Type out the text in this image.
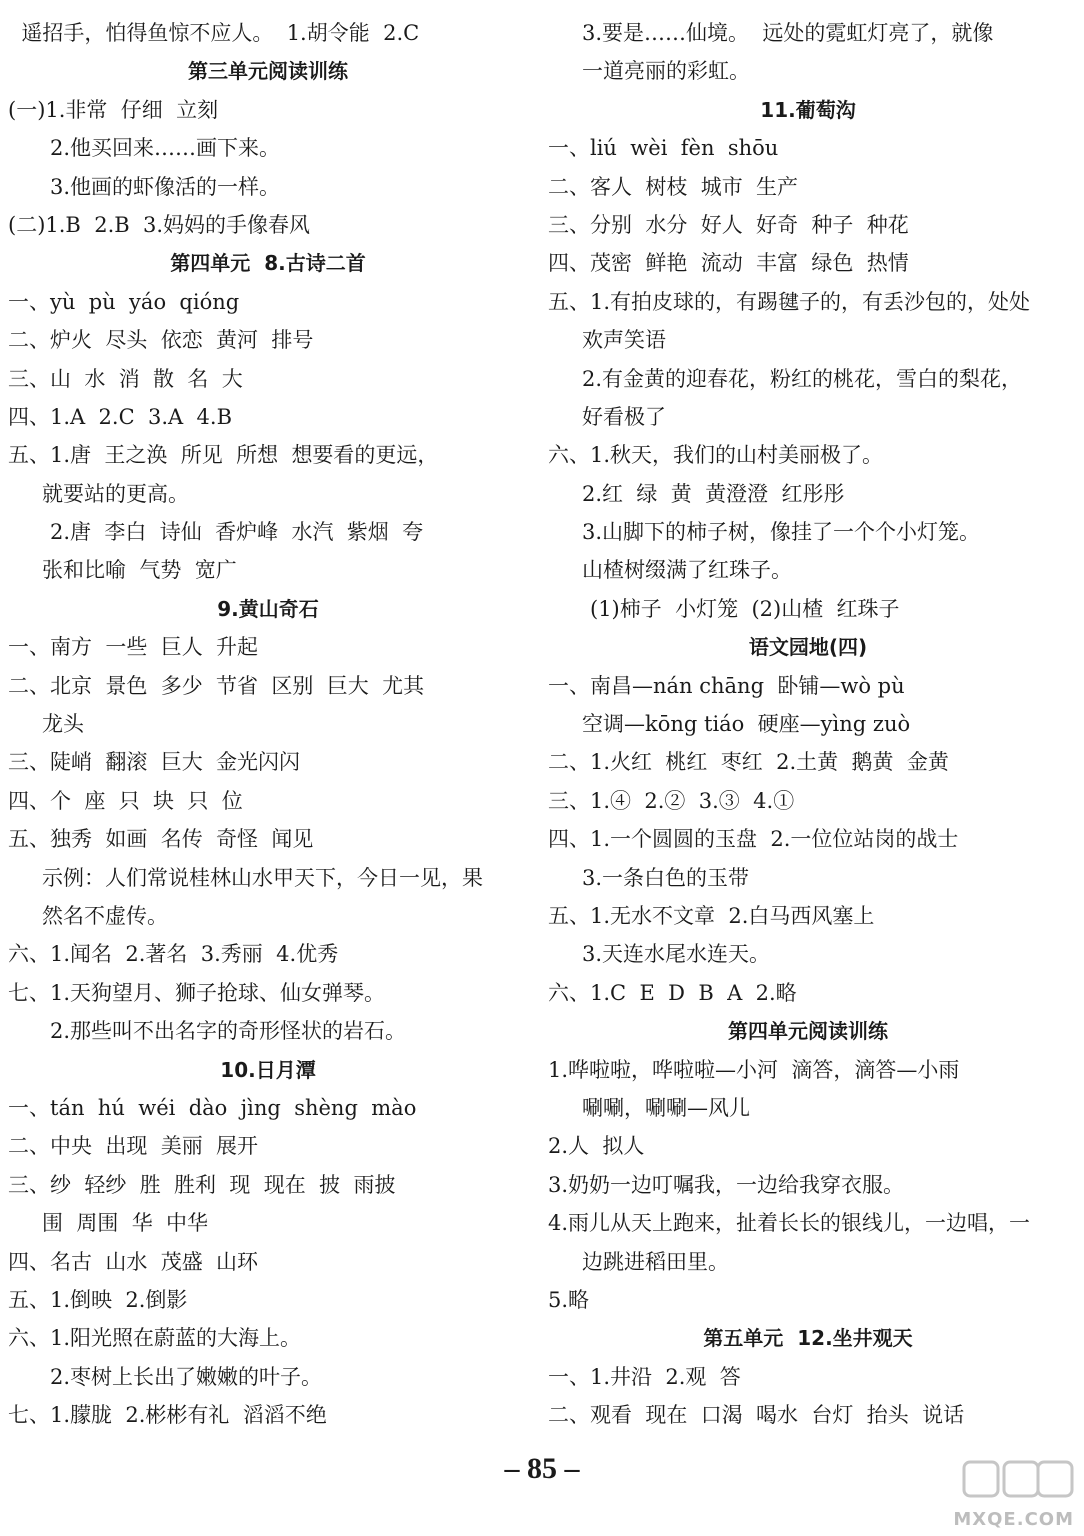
遥招手，怕得鱼惊不应人。  1.胡令能  2.C
第三单元阅读训练
(一)1.非常  仔细  立刻
2.他买回来……画下来。
3.他画的虾像活的一样。
(二)1.B  2.B  3.妈妈的手像春风
第四单元  8.古诗二首
一、yù  pù  yáo  qióng
二、炉火  尽头  依恋  黄河  排号
三、山  水  消  散  名  大
四、1.A  2.C  3.A  4.B
五、1.唐  王之涣  所见  所想  想要看的更远，
就要站的更高。
2.唐  李白  诗仙  香炉峰  水汽  紫烟  夸
张和比喻  气势  宽广
9.黄山奇石
一、南方  一些  巨人  升起
二、北京  景色  多少  节省  区别  巨大  尤其
龙头
三、陡峭  翻滚  巨大  金光闪闪
四、个  座  只  块  只  位
五、独秀  如画  名传  奇怪  闻见
示例：人们常说桂林山水甲天下，今日一见，果
然名不虚传。
六、1.闻名  2.著名  3.秀丽  4.优秀
七、1.天狗望月、狮子抢球、仙女弹琴。
2.那些叫不出名字的奇形怪状的岩石。
10.日月潭
一、tán  hú  wéi  dào  jìng  shèng  mào
二、中央  出现  美丽  展开
三、纱  轻纱  胜  胜利  现  现在  披  雨披
围  周围  华  中华
四、名古  山水  茂盛  山环
五、1.倒映  2.倒影
六、1.阳光照在蔚蓝的大海上。
2.枣树上长出了嫩嫩的叶子。
七、1.朦胧  2.彬彬有礼  滔滔不绝
3.要是……仙境。  远处的霓虹灯亮了，就像
一道亮丽的彩虹。
11.葡萄沟
一、liú  wèi  fèn  shōu
二、客人  树枝  城市  生产
三、分别  水分  好人  好奇  种子  种花
四、茂密  鲜艳  流动  丰富  绿色  热情
五、1.有拍皮球的，有踢毽子的，有丢沙包的，处处
欢声笑语
2.有金黄的迎春花，粉红的桃花，雪白的梨花，
好看极了
六、1.秋天，我们的山村美丽极了。
2.红  绿  黄  黄澄澄  红彤彤
3.山脚下的柿子树，像挂了一个个小灯笼。
山楂树缀满了红珠子。
(1)柿子  小灯笼  (2)山楂  红珠子
语文园地(四)
一、南昌—nán chāng  卧铺—wò pù
空调—kōng tiáo  硬座—yìng zuò
二、1.火红  桃红  枣红  2.土黄  鹅黄  金黄
三、1.④  2.②  3.③  4.①
四、1.一个圆圆的玉盘  2.一位位站岗的战士
3.一条白色的玉带
五、1.无水不文章  2.白马西风塞上
3.天连水尾水连天。
六、1.C  E  D  B  A  2.略
第四单元阅读训练
1.哗啦啦，哗啦啦—小河  滴答，滴答—小雨
唰唰，唰唰—风儿
2.人  拟人
3.奶奶一边叮嘱我，一边给我穿衣服。
4.雨儿从天上跑来，扯着长长的银线儿，一边唱，一
边跳进稻田里。
5.略
第五单元  12.坐井观天
一、1.井沿  2.观  答
二、观看  现在  口渴  喝水  台灯  抬头  说话
– 85 –
MXQE.COM
